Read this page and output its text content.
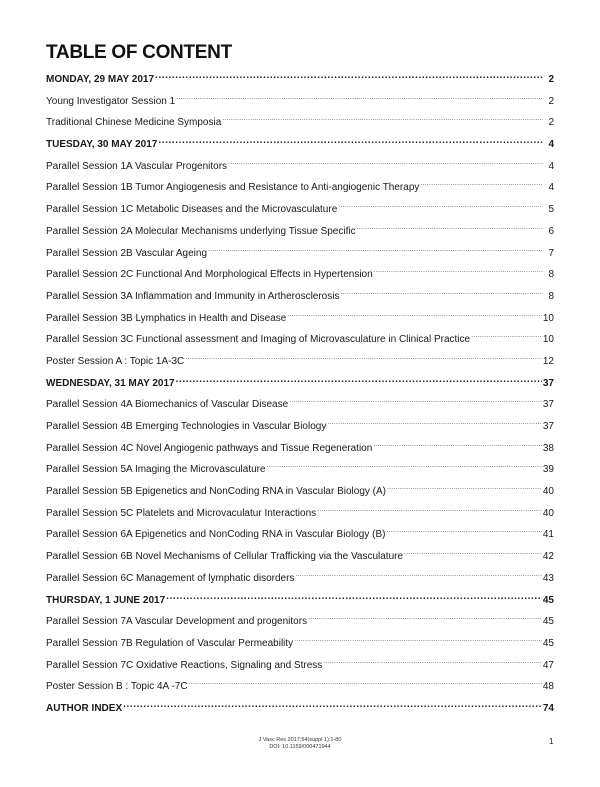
TABLE OF CONTENT
MONDAY, 29 MAY 2017 .....	2
Young Investigator Session 1 .....	2
Traditional Chinese Medicine Symposia .....	2
TUESDAY, 30 MAY 2017 .....	4
Parallel Session 1A Vascular Progenitors .....	4
Parallel Session 1B Tumor Angiogenesis and Resistance to Anti-angiogenic Therapy .....	4
Parallel Session 1C Metabolic Diseases and the Microvasculature .....	5
Parallel Session 2A Molecular Mechanisms underlying Tissue Specific .....	6
Parallel Session 2B Vascular Ageing .....	7
Parallel Session 2C Functional And Morphological Effects in Hypertension .....	8
Parallel Session 3A Inflammation and Immunity in Artherosclerosis .....	8
Parallel Session 3B Lymphatics in Health and Disease .....	10
Parallel Session 3C Functional assessment and Imaging of Microvasculature in Clinical Practice .....	10
Poster Session A : Topic 1A-3C .....	12
WEDNESDAY, 31 MAY 2017 .....	37
Parallel Session 4A Biomechanics of Vascular Disease .....	37
Parallel Session 4B Emerging Technologies in Vascular Biology .....	37
Parallel Session 4C Novel Angiogenic pathways and Tissue Regeneration .....	38
Parallel Session 5A Imaging the Microvasculature .....	39
Parallel Session 5B Epigenetics and NonCoding RNA in Vascular Biology (A) .....	40
Parallel Session 5C Platelets and Microvaculatur Interactions .....	40
Parallel Session 6A Epigenetics and NonCoding RNA in Vascular Biology (B) .....	41
Parallel Session 6B Novel Mechanisms of Cellular Trafficking via the Vasculature .....	42
Parallel Session 6C Management of lymphatic disorders .....	43
THURSDAY, 1 JUNE 2017 .....	45
Parallel Session 7A Vascular Development and progenitors .....	45
Parallel Session 7B Regulation of Vascular Permeability .....	45
Parallel Session 7C Oxidative Reactions, Signaling and Stress .....	47
Poster Session B : Topic 4A -7C .....	48
AUTHOR INDEX .....	74
J Vasc Res 2017;54(suppl 1):1-80
DOI: 10.1159/000471944
1
